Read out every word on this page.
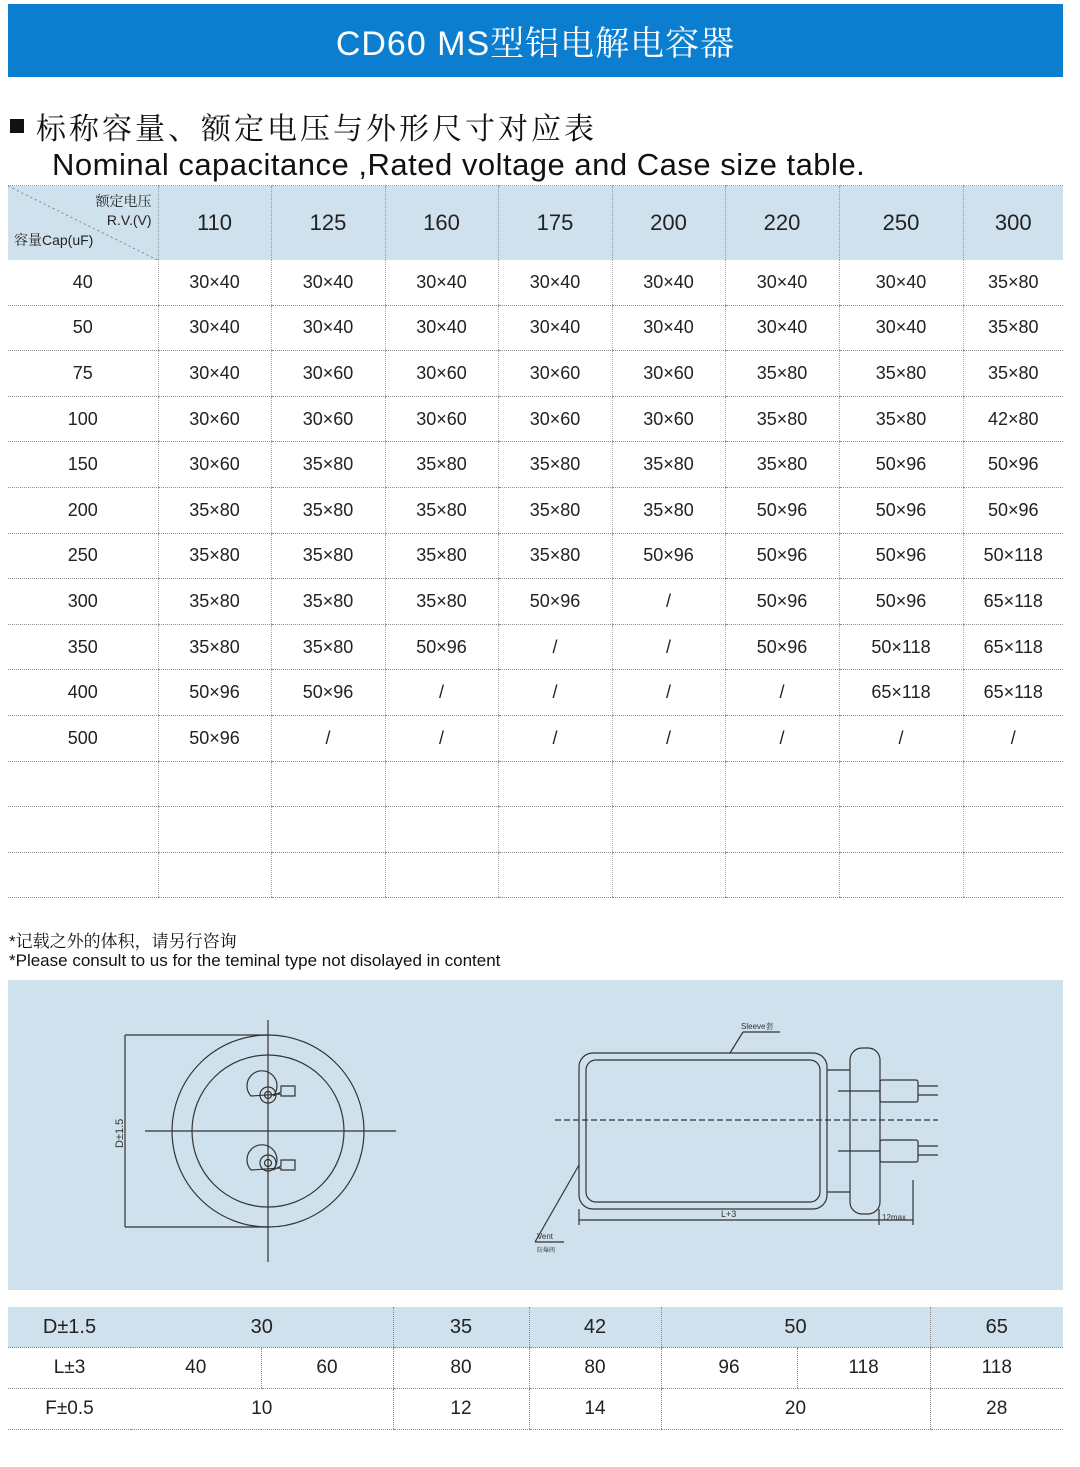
CD60 MS型铝电解电容器
标称容量、额定电压与外形尺寸对应表
Nominal capacitance ,Rated voltage and Case size table.
额定电压
R.V.(V)
容量Cap(uF)	110	125	160	175	200	220	250	300
40	30×40	30×40	30×40	30×40	30×40	30×40	30×40	35×80
50	30×40	30×40	30×40	30×40	30×40	30×40	30×40	35×80
75	30×40	30×60	30×60	30×60	30×60	35×80	35×80	35×80
100	30×60	30×60	30×60	30×60	30×60	35×80	35×80	42×80
150	30×60	35×80	35×80	35×80	35×80	35×80	50×96	50×96
200	35×80	35×80	35×80	35×80	35×80	50×96	50×96	50×96
250	35×80	35×80	35×80	35×80	50×96	50×96	50×96	50×118
300	35×80	35×80	35×80	50×96	/	50×96	50×96	65×118
350	35×80	35×80	50×96	/	/	50×96	50×118	65×118
400	50×96	50×96	/	/	/	/	65×118	65×118
500	50×96	/	/	/	/	/	/	/

*记载之外的体积，请另行咨询
*Please consult to us for the teminal type not disolayed in content
D±1.5
Sleeve套
Vent
防爆阀
L+3	12max
D±1.5	30		35	42	50		65
L±3	40	60	80	80	96	118	118
F±0.5	10		12	14	20		28
